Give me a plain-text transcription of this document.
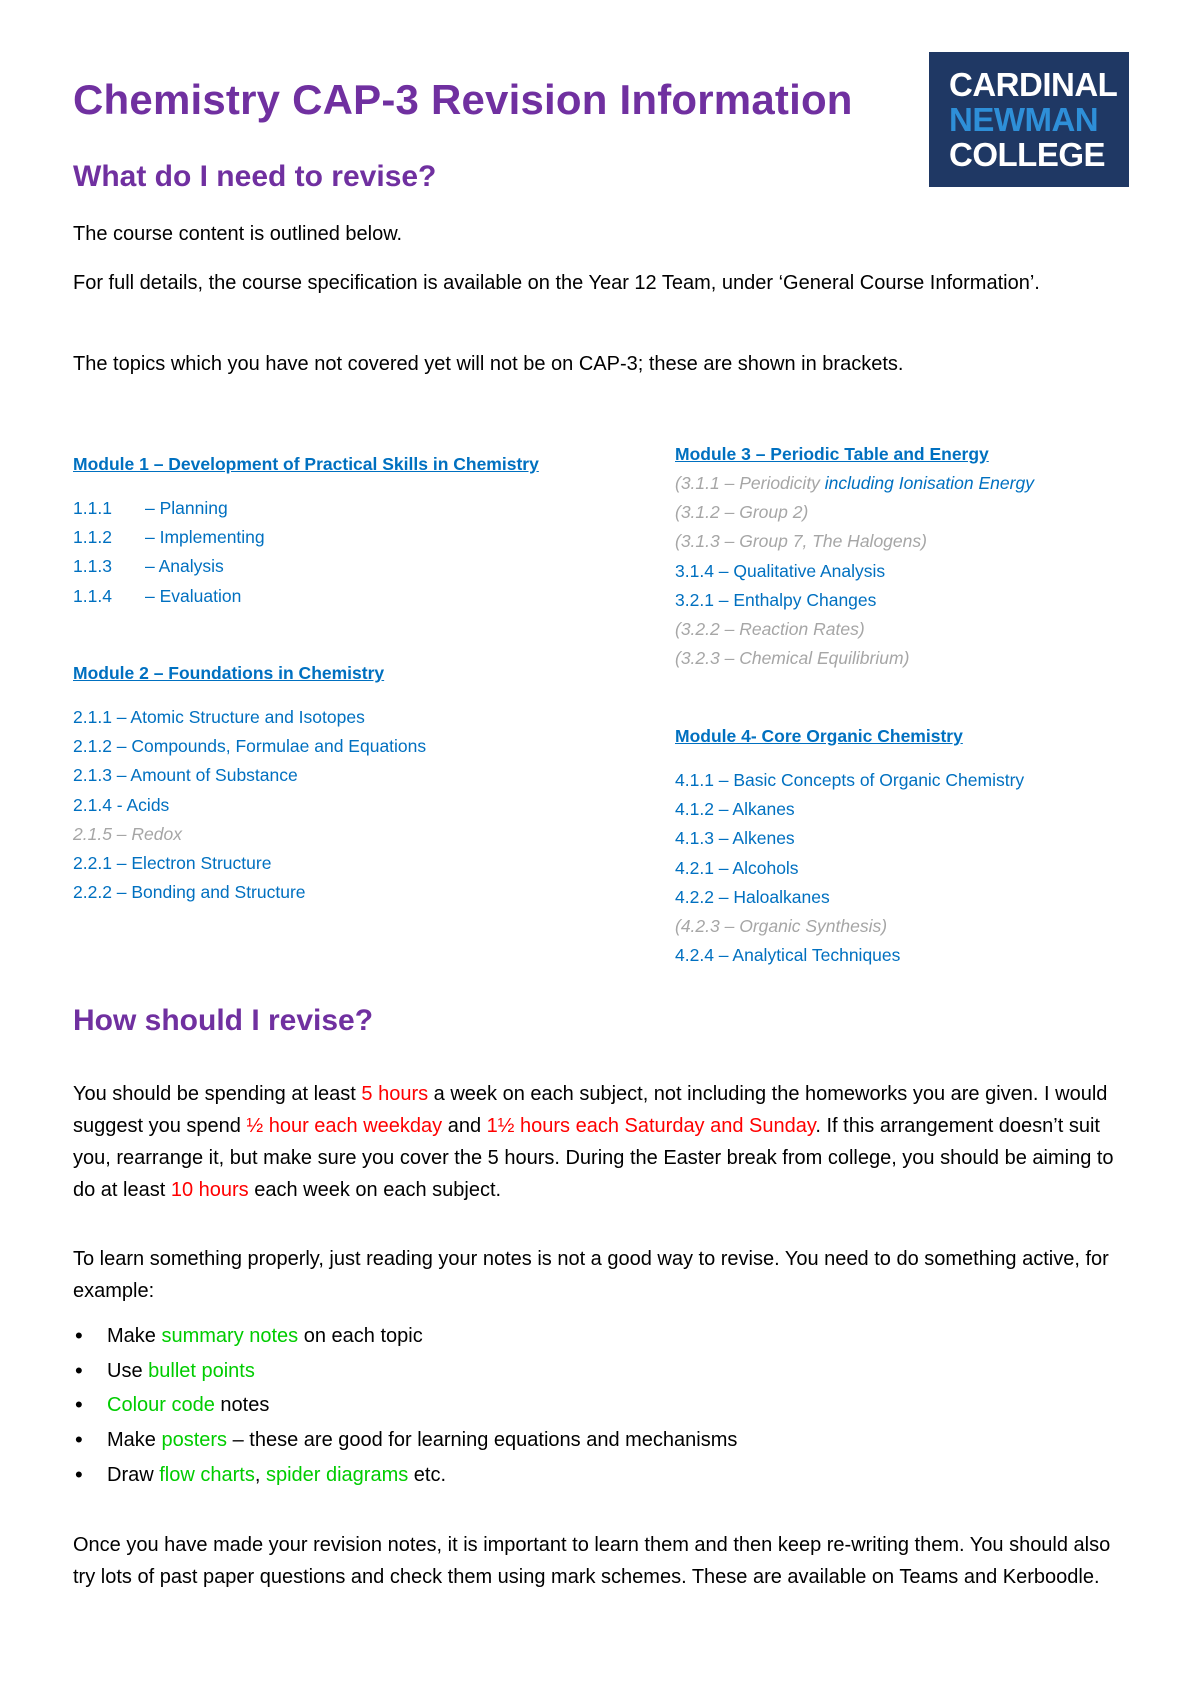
Chemistry CAP-3 Revision Information	CARDINAL
NEWMAN
COLLEGE
What do I need to revise?

The course content is outlined below.

For full details, the course specification is available on the Year 12 Team, under ‘General Course Information’.

The topics which you have not covered yet will not be on CAP-3; these are shown in brackets.

Module 1 – Development of Practical Skills in Chemistry
1.1.1 – Planning
1.1.2 – Implementing
1.1.3 – Analysis
1.1.4 – Evaluation
Module 2 – Foundations in Chemistry
2.1.1 – Atomic Structure and Isotopes
2.1.2 – Compounds, Formulae and Equations
2.1.3 – Amount of Substance
2.1.4 - Acids
2.1.5 – Redox
2.2.1 – Electron Structure
2.2.2 – Bonding and Structure
Module 3 – Periodic Table and Energy
(3.1.1 – Periodicity including Ionisation Energy
(3.1.2 – Group 2)
(3.1.3 – Group 7, The Halogens)
3.1.4 – Qualitative Analysis
3.2.1 – Enthalpy Changes
(3.2.2 – Reaction Rates)
(3.2.3 – Chemical Equilibrium)
Module 4- Core Organic Chemistry
4.1.1 – Basic Concepts of Organic Chemistry
4.1.2 – Alkanes
4.1.3 – Alkenes
4.2.1 – Alcohols
4.2.2 – Haloalkanes
(4.2.3 – Organic Synthesis)
4.2.4 – Analytical Techniques
How should I revise?

You should be spending at least 5 hours a week on each subject, not including the homeworks you are given. I would suggest you spend ½ hour each weekday and 1½ hours each Saturday and Sunday. If this arrangement doesn’t suit you, rearrange it, but make sure you cover the 5 hours. During the Easter break from college, you should be aiming to do at least 10 hours each week on each subject.

To learn something properly, just reading your notes is not a good way to revise. You need to do something active, for example:

• Make summary notes on each topic
• Use bullet points
• Colour code notes
• Make posters – these are good for learning equations and mechanisms
• Draw flow charts, spider diagrams etc.

Once you have made your revision notes, it is important to learn them and then keep re-writing them. You should also try lots of past paper questions and check them using mark schemes. These are available on Teams and Kerboodle.
